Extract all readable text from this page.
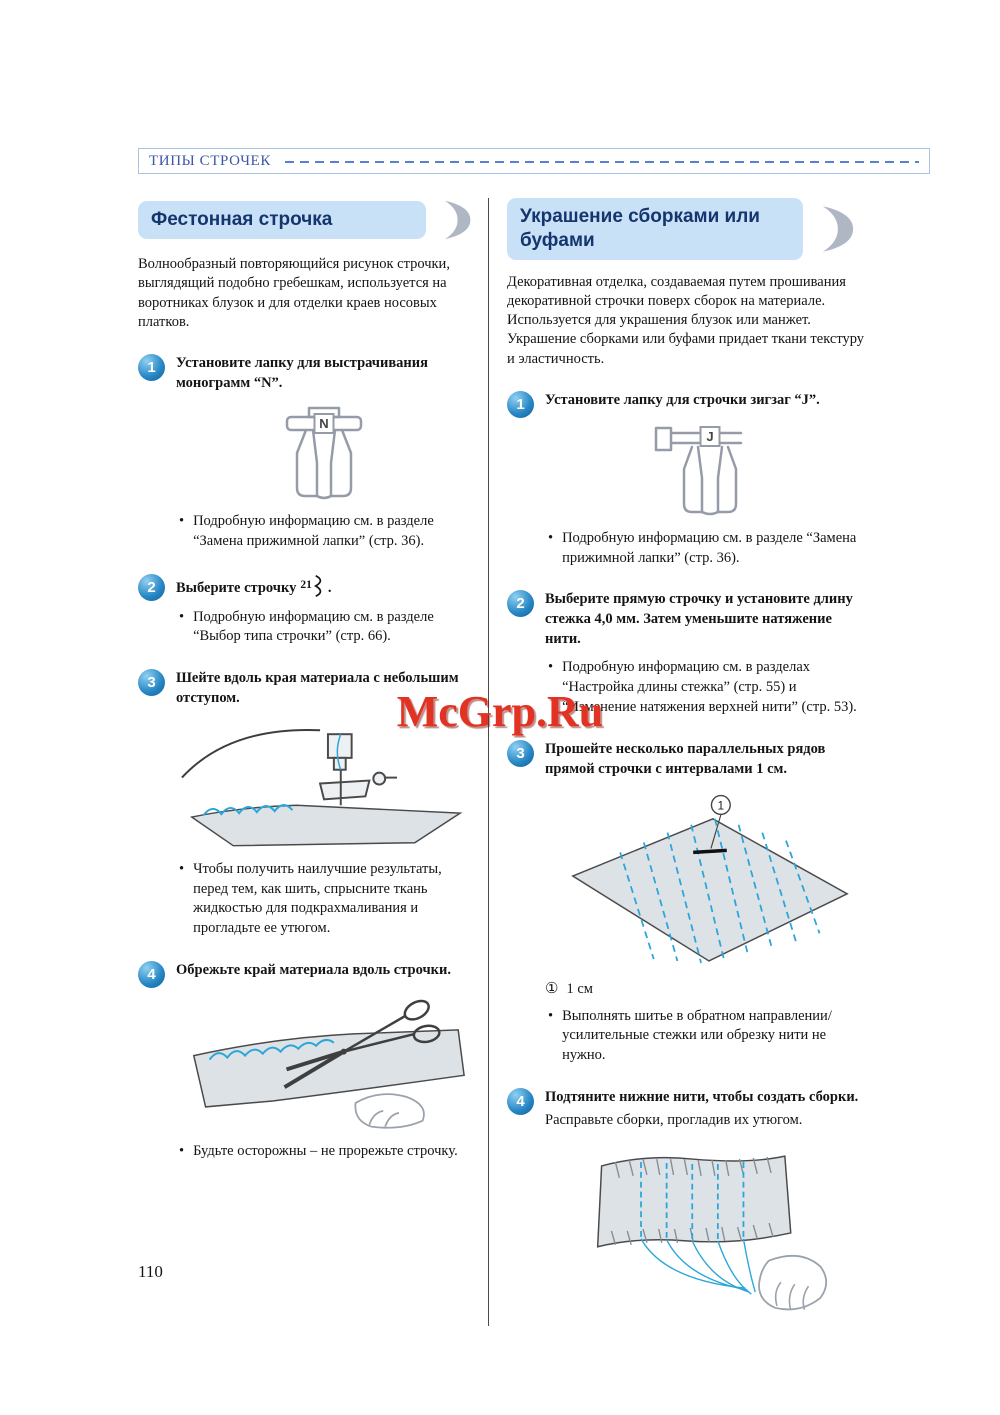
ТИПЫ СТРОЧЕК
Фестонная строчка

Волнообразный повторяющийся рисунок строчки, выглядящий подобно гребешкам, используется на воротниках блузок и для отделки краев носовых платков.

1 Установите лапку для выстрачивания монограмм “N”.

N
• Подробную информацию см. в разделе “Замена прижимной лапки” (стр. 36).
2 Выберите строчку $^{21}$ .

• Подробную информацию см. в разделе “Выбор типа строчки” (стр. 66).
3 Шейте вдоль края материала с небольшим отступом.

• Чтобы получить наилучшие результаты, перед тем, как шить, спрысните ткань жидкостью для подкрахмаливания и прогладьте ее утюгом.
4 Обрежьте край материала вдоль строчки.

• Будьте осторожны – не прорежьте строчку.
Украшение сборками или буфами

Декоративная отделка, создаваемая путем прошивания декоративной строчки поверх сборок на материале. Используется для украшения блузок или манжет.

Украшение сборками или буфами придает ткани текстуру и эластичность.

1 Установите лапку для строчки зигзаг “J”.

J
• Подробную информацию см. в разделе “Замена прижимной лапки” (стр. 36).
2 Выберите прямую строчку и установите длину стежка 4,0 мм. Затем уменьшите натяжение нити.

• Подробную информацию см. в разделах “Настройка длины стежка” (стр. 55) и “Изменение натяжения верхней нити” (стр. 53).
3 Прошейте несколько параллельных рядов прямой строчки с интервалами 1 см.

1
① 1 см
• Выполнять шитье в обратном направлении/усилительные стежки или обрезку нити не нужно.
4 Подтяните нижние нити, чтобы создать сборки.

Расправьте сборки, прогладив их утюгом.

McGrp.Ru
110
